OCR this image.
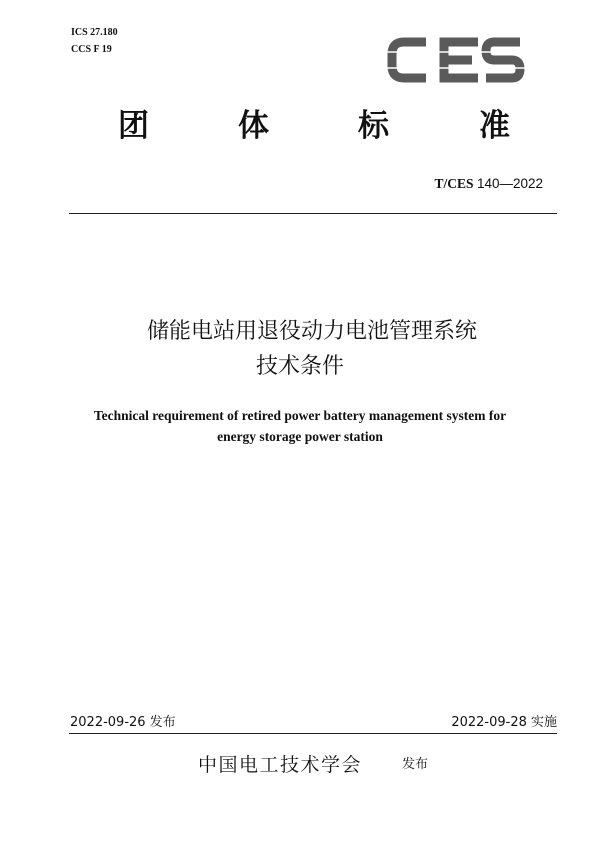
ICS 27.180
CCS F 19
团	体	标	准
T/CES 140—2022
储能电站用退役动力电池管理系统
技术条件
Technical requirement of retired power battery management system for
energy storage power station
2022-09-26 发布	2022-09-28 实施
中国电工技术学会	发布
